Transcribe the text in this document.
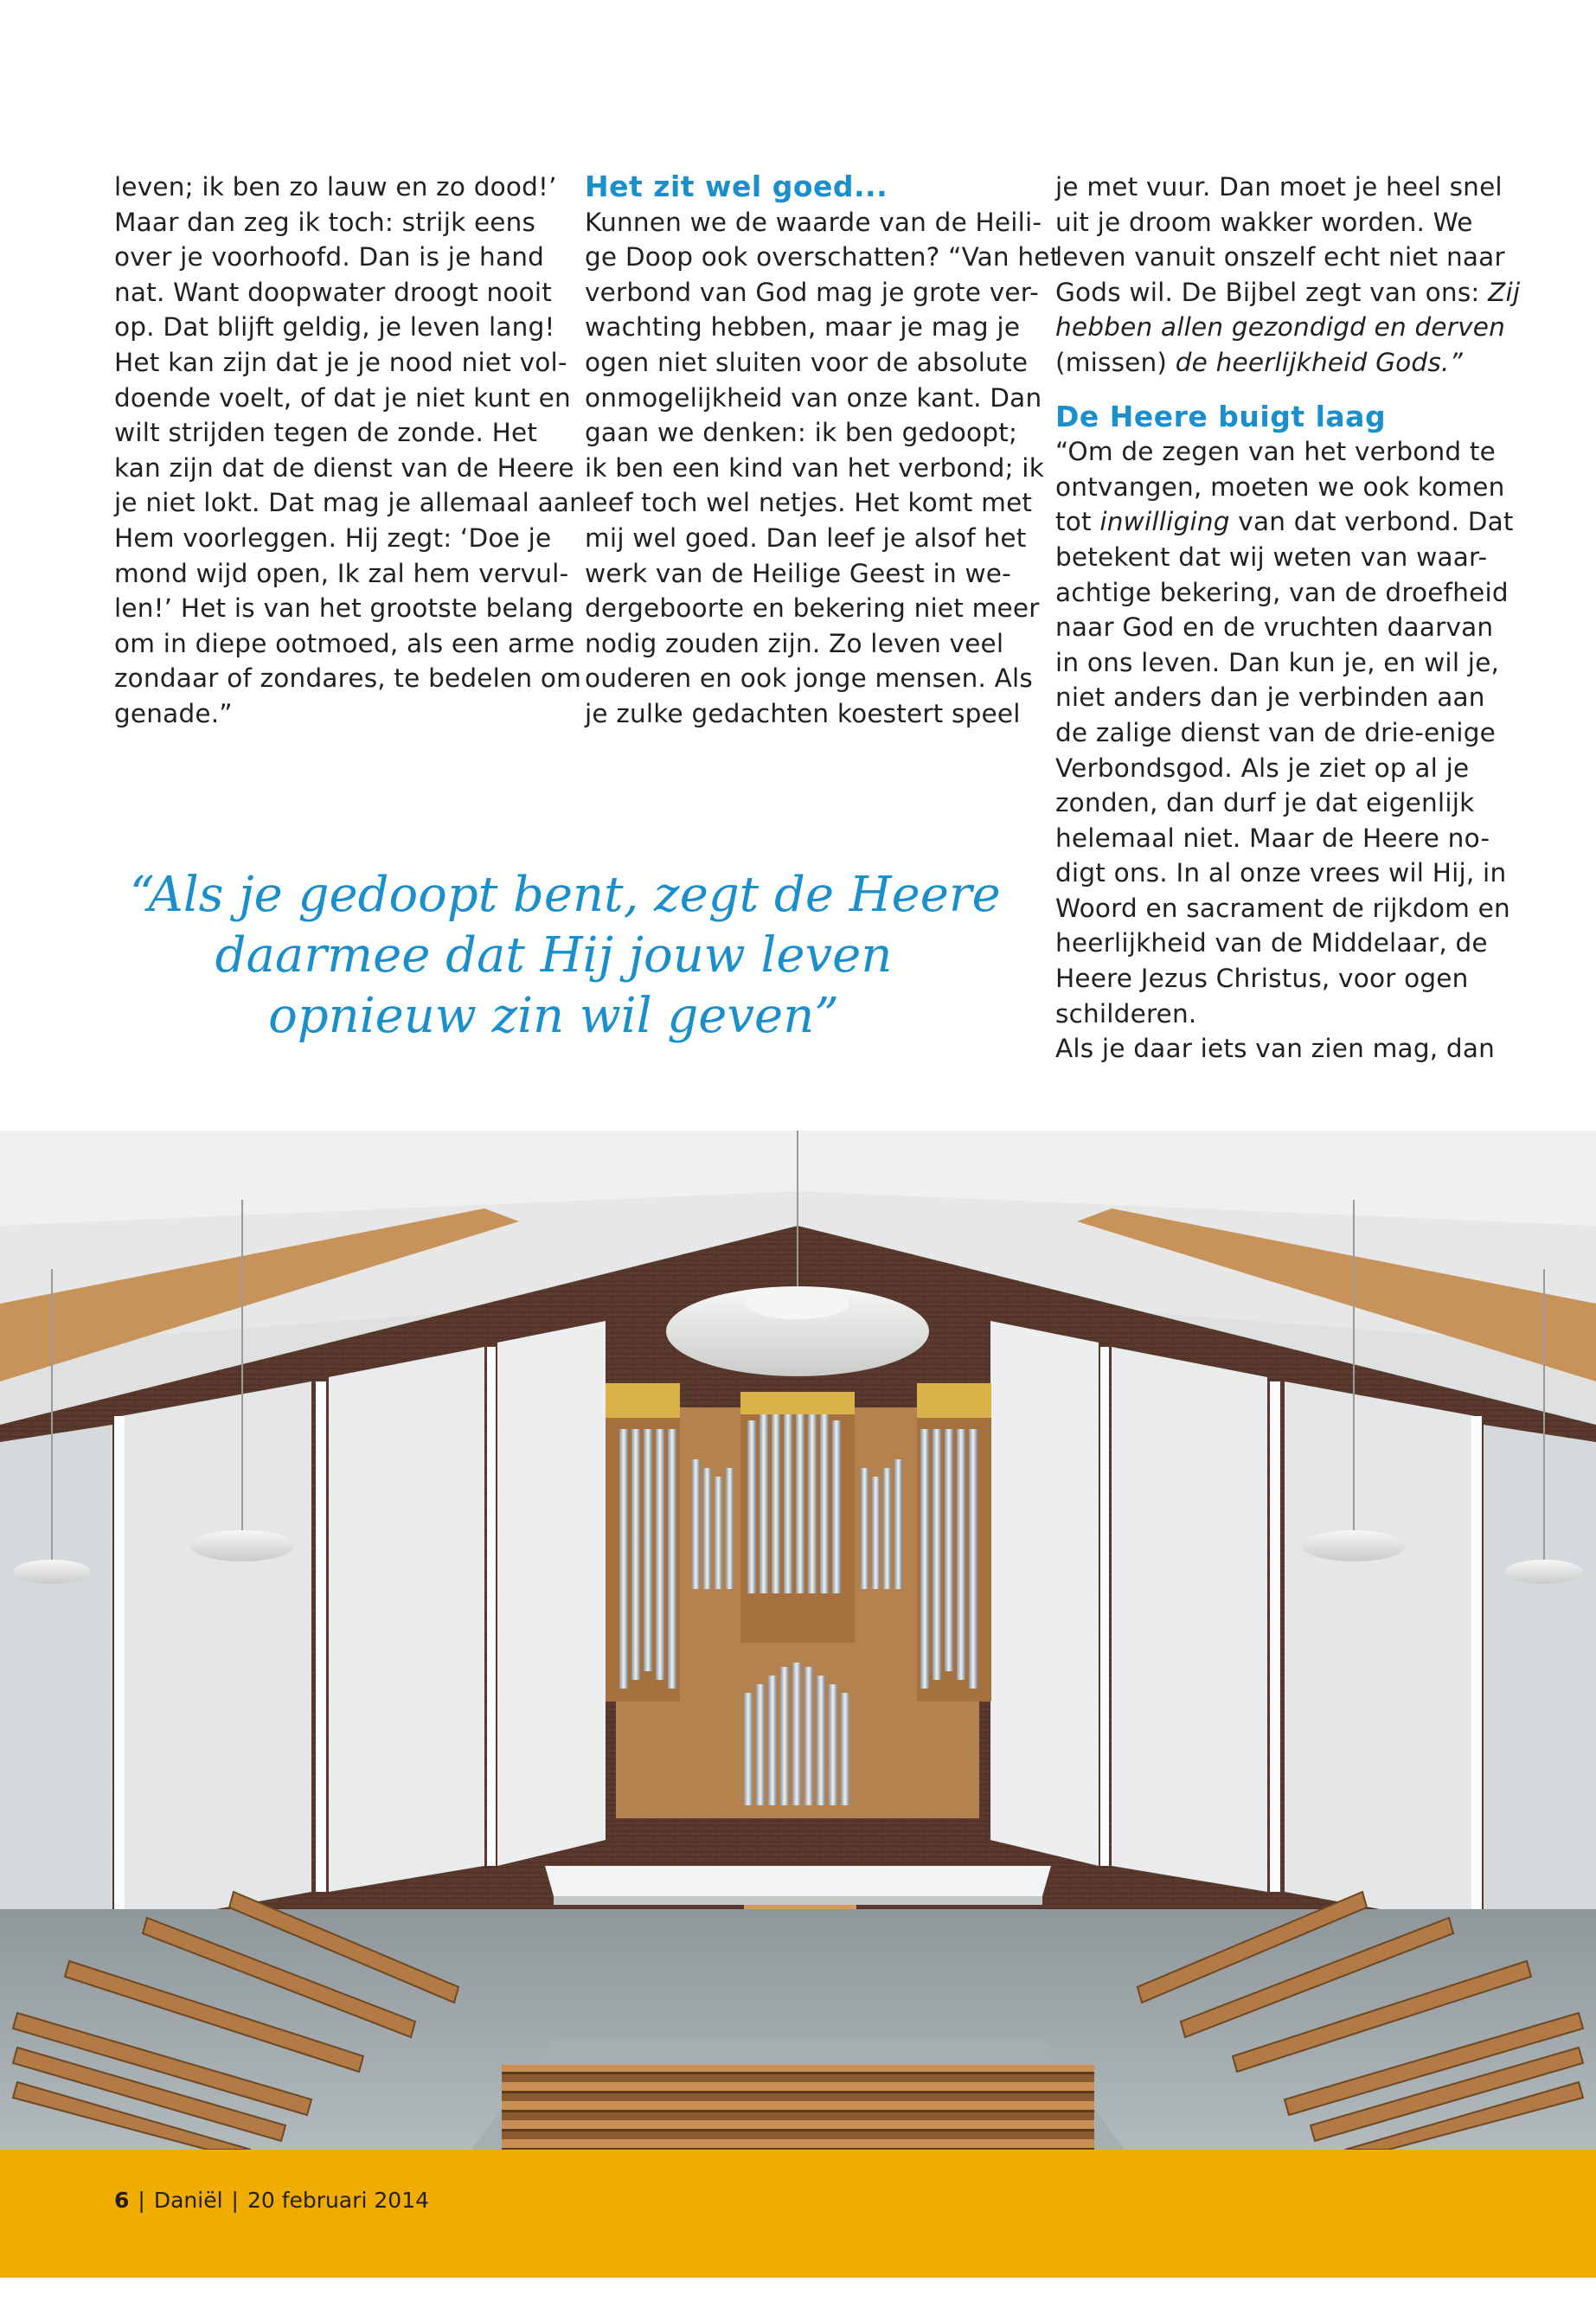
leven; ik ben zo lauw en zo dood!’
Maar dan zeg ik toch: strijk eens
over je voorhoofd. Dan is je hand
nat. Want doopwater droogt nooit
op. Dat blijft geldig, je leven lang!
Het kan zijn dat je je nood niet vol-
doende voelt, of dat je niet kunt en
wilt strijden tegen de zonde. Het
kan zijn dat de dienst van de Heere
je niet lokt. Dat mag je allemaal aan
Hem voorleggen. Hij zegt: ‘Doe je
mond wijd open, Ik zal hem vervul-
len!’ Het is van het grootste belang
om in diepe ootmoed, als een arme
zondaar of zondares, te bedelen om
genade.”
Het zit wel goed...
Kunnen we de waarde van de Heili-
ge Doop ook overschatten? “Van het
verbond van God mag je grote ver-
wachting hebben, maar je mag je
ogen niet sluiten voor de absolute
onmogelijkheid van onze kant. Dan
gaan we denken: ik ben gedoopt;
ik ben een kind van het verbond; ik
leef toch wel netjes. Het komt met
mij wel goed. Dan leef je alsof het
werk van de Heilige Geest in we-
dergeboorte en bekering niet meer
nodig zouden zijn. Zo leven veel
ouderen en ook jonge mensen. Als
je zulke gedachten koestert speel
je met vuur. Dan moet je heel snel
uit je droom wakker worden. We
leven vanuit onszelf echt niet naar
Gods wil. De Bijbel zegt van ons: Zij
hebben allen gezondigd en derven
(missen) de heerlijkheid Gods.”
De Heere buigt laag
“Om de zegen van het verbond te
ontvangen, moeten we ook komen
tot inwilliging van dat verbond. Dat
betekent dat wij weten van waar-
achtige bekering, van de droefheid
naar God en de vruchten daarvan
in ons leven. Dan kun je, en wil je,
niet anders dan je verbinden aan
de zalige dienst van de drie-enige
Verbondsgod. Als je ziet op al je
zonden, dan durf je dat eigenlijk
helemaal niet. Maar de Heere no-
digt ons. In al onze vrees wil Hij, in
Woord en sacrament de rijkdom en
heerlijkheid van de Middelaar, de
Heere Jezus Christus, voor ogen
schilderen.
Als je daar iets van zien mag, dan
“Als je gedoopt bent, zegt de Heere
daarmee dat Hij jouw leven
opnieuw zin wil geven”
6 | Daniël | 20 februari 2014
